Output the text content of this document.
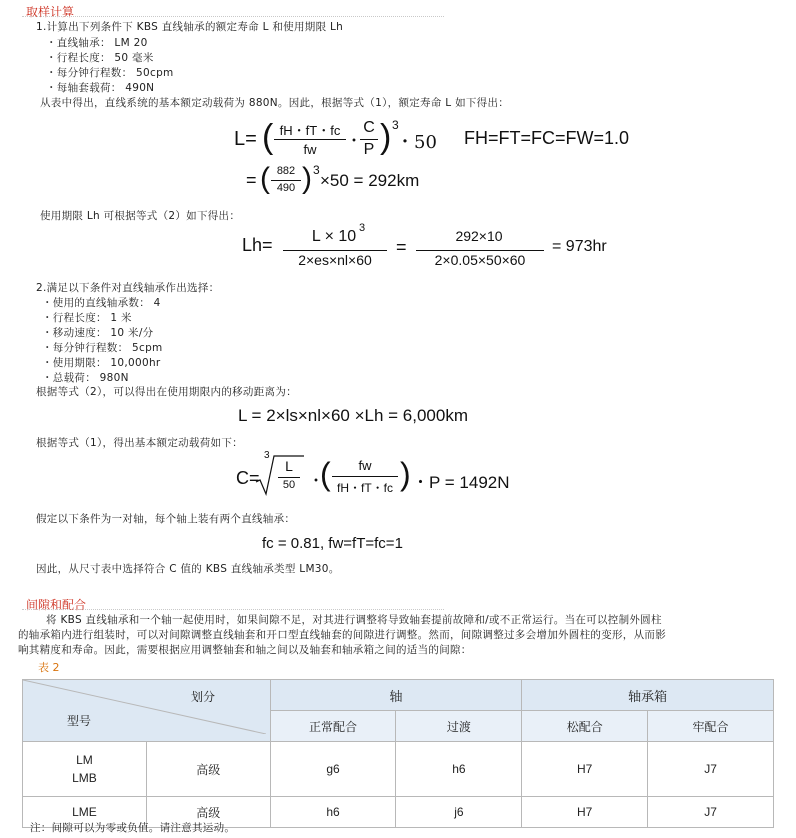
取样计算
1.计算出下列条件下 KBS 直线轴承的额定寿命 L 和使用期限 Lh
・直线轴承： LM 20
・行程长度： 50 毫米
・每分钟行程数： 50cpm
・每轴套载荷： 490N
从表中得出，直线系统的基本额定动载荷为 880N。因此，根据等式（1），额定寿命 L 如下得出：
L= ( fH・fT・fc
fw	・
C
P ) 3
・50 FH=FT=FC=FW=1.0
= ( 882
490 ) 3
×50 = 292km
使用期限 Lh 可根据等式（2）如下得出：
Lh=	L × 10 3
2×es×nl×60
=
292×10
2×0.05×50×60
= 973hr
2.满足以下条件对直线轴承作出选择：
・使用的直线轴承数： 4
・行程长度： 1 米
・移动速度： 10 米/分
・每分钟行程数： 5cpm
・使用期限： 10,000hr
・总载荷： 980N
根据等式（2），可以得出在使用期限内的移动距离为：
L = 2×ls×nl×60 ×Lh = 6,000km
根据等式（1），得出基本额定动载荷如下：
C=
3
L
50 ・
(	fw
fH・fT・fc ) ・P = 1492N
假定以下条件为一对轴，每个轴上装有两个直线轴承：
fc = 0.81, fw=fT=fc=1
因此，从尺寸表中选择符合 C 值的 KBS 直线轴承类型 LM30。
间隙和配合
将 KBS 直线轴承和一个轴一起使用时，如果间隙不足，对其进行调整将导致轴套提前故障和/或不正常运行。当在可以控制外圆柱
的轴承箱内进行组装时，可以对间隙调整直线轴套和开口型直线轴套的间隙进行调整。然而，间隙调整过多会增加外圆柱的变形，从而影
响其精度和寿命。因此，需要根据应用调整轴套和轴之间以及轴套和轴承箱之间的适当的间隙：
表 2
划分
型号		轴		轴承箱	
		正常配合	过渡	松配合	牢配合

LM
LMB	高级	g6	h6	H7	J7
LME	高级	h6	j6	H7	J7
注：间隙可以为零或负值。请注意其运动。
